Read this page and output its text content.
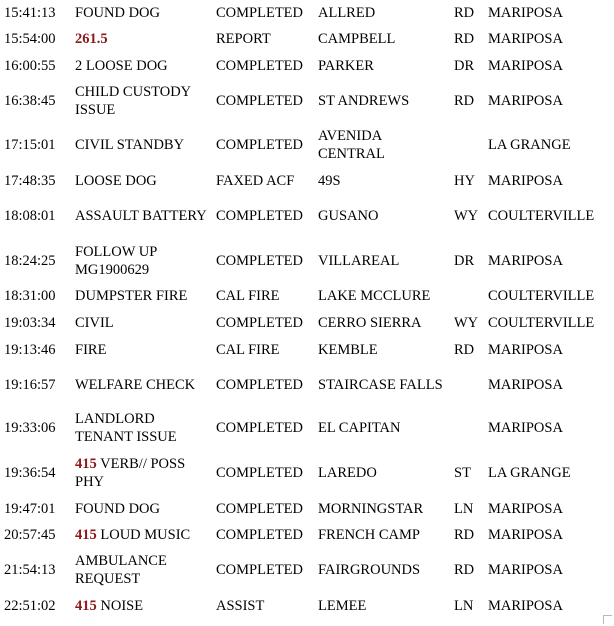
15:41:13	FOUND DOG	COMPLETED	ALLRED	RD	MARIPOSA
15:54:00	261.5	REPORT	CAMPBELL	RD	MARIPOSA
16:00:55	2 LOOSE DOG	COMPLETED	PARKER	DR	MARIPOSA
16:38:45	CHILD CUSTODY ISSUE	COMPLETED	ST ANDREWS	RD	MARIPOSA
17:15:01	CIVIL STANDBY	COMPLETED	AVENIDA CENTRAL		LA GRANGE
17:48:35	LOOSE DOG	FAXED ACF	49S	HY	MARIPOSA
18:08:01	ASSAULT BATTERY	COMPLETED	GUSANO	WY	COULTERVILLE
18:24:25	FOLLOW UP MG1900629	COMPLETED	VILLAREAL	DR	MARIPOSA
18:31:00	DUMPSTER FIRE	CAL FIRE	LAKE MCCLURE		COULTERVILLE
19:03:34	CIVIL	COMPLETED	CERRO SIERRA	WY	COULTERVILLE
19:13:46	FIRE	CAL FIRE	KEMBLE	RD	MARIPOSA
19:16:57	WELFARE CHECK	COMPLETED	STAIRCASE FALLS		MARIPOSA
19:33:06	LANDLORD TENANT ISSUE	COMPLETED	EL CAPITAN		MARIPOSA
19:36:54	415 VERB// POSS PHY	COMPLETED	LAREDO	ST	LA GRANGE
19:47:01	FOUND DOG	COMPLETED	MORNINGSTAR	LN	MARIPOSA
20:57:45	415 LOUD MUSIC	COMPLETED	FRENCH CAMP	RD	MARIPOSA
21:54:13	AMBULANCE REQUEST	COMPLETED	FAIRGROUNDS	RD	MARIPOSA
22:51:02	415 NOISE	ASSIST	LEMEE	LN	MARIPOSA
